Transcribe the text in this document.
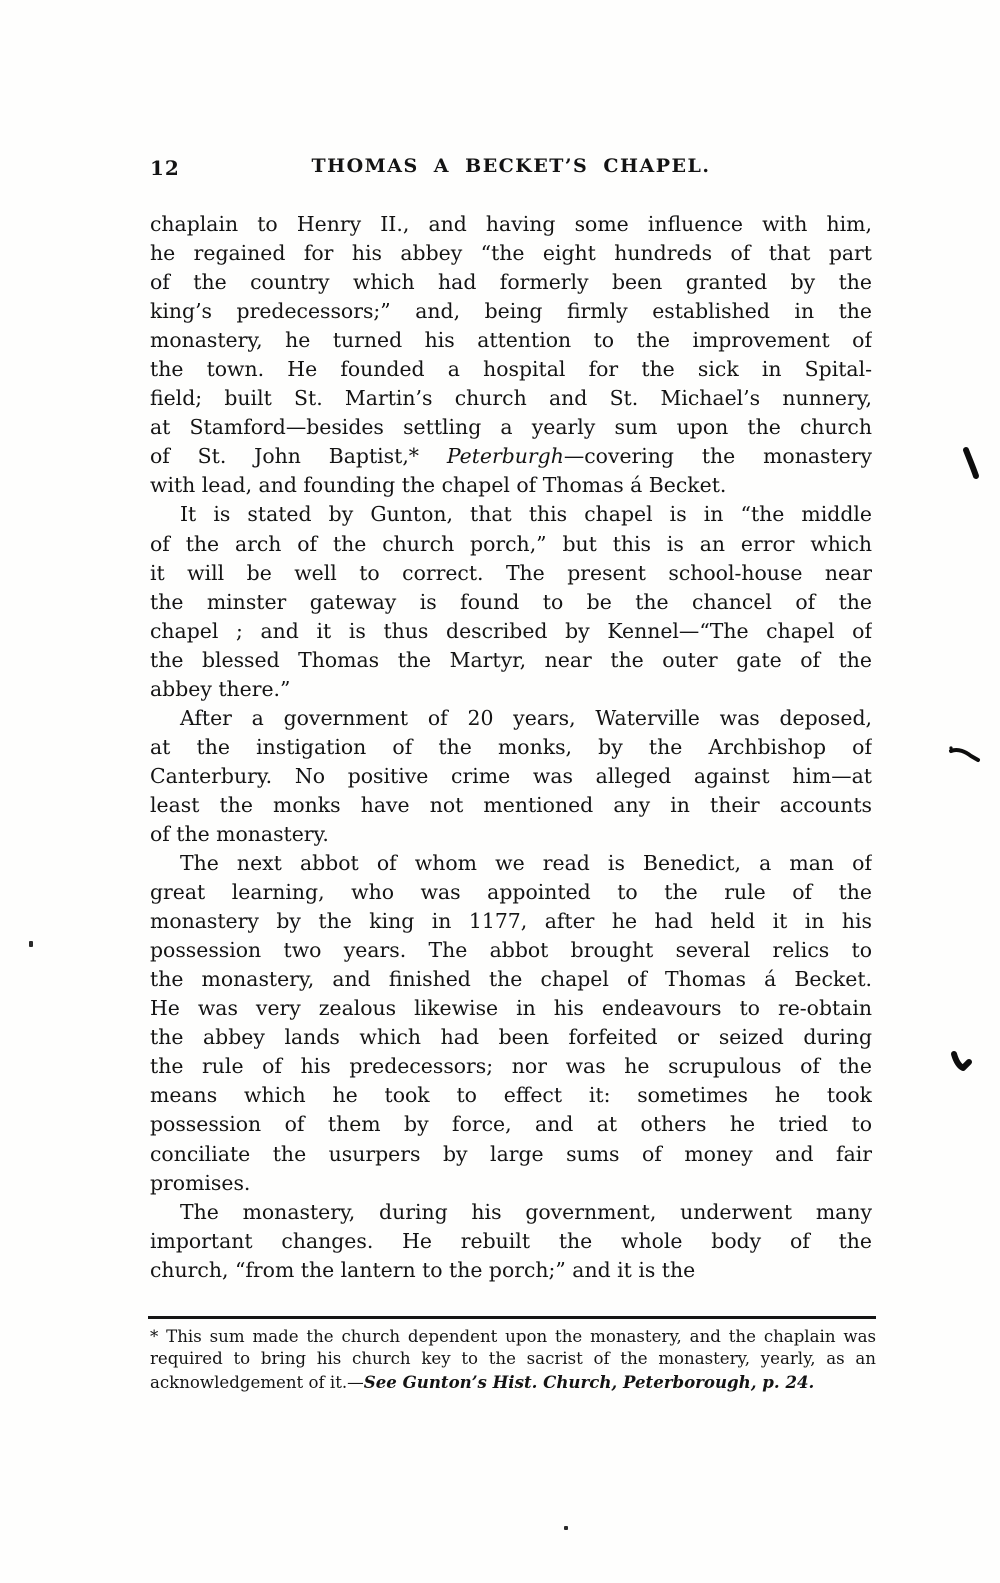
12	THOMAS A BECKET’S CHAPEL.
chaplain to Henry II., and having some influence with him,
he regained for his abbey “the eight hundreds of that part
of the country which had formerly been granted by the
king’s predecessors;” and, being firmly established in the
monastery, he turned his attention to the improvement of
the town. He founded a hospital for the sick in Spital-
field; built St. Martin’s church and St. Michael’s nunnery,
at Stamford—besides settling a yearly sum upon the church
of St. John Baptist,* Peterburgh—covering the monastery
with lead, and founding the chapel of Thomas á Becket.
It is stated by Gunton, that this chapel is in “the middle
of the arch of the church porch,” but this is an error which
it will be well to correct. The present school-house near
the minster gateway is found to be the chancel of the
chapel ; and it is thus described by Kennel—“The chapel of
the blessed Thomas the Martyr, near the outer gate of the
abbey there.”
After a government of 20 years, Waterville was deposed,
at the instigation of the monks, by the Archbishop of
Canterbury. No positive crime was alleged against him—at
least the monks have not mentioned any in their accounts
of the monastery.
The next abbot of whom we read is Benedict, a man of
great learning, who was appointed to the rule of the
monastery by the king in 1177, after he had held it in his
possession two years. The abbot brought several relics to
the monastery, and finished the chapel of Thomas á Becket.
He was very zealous likewise in his endeavours to re-obtain
the abbey lands which had been forfeited or seized during
the rule of his predecessors; nor was he scrupulous of the
means which he took to effect it: sometimes he took
possession of them by force, and at others he tried to
conciliate the usurpers by large sums of money and fair
promises.
The monastery, during his government, underwent many
important changes. He rebuilt the whole body of the
church, “from the lantern to the porch;” and it is the
* This sum made the church dependent upon the monastery, and the chaplain was
required to bring his church key to the sacrist of the monastery, yearly, as an
acknowledgement of it.—See Gunton’s Hist. Church, Peterborough, p. 24.
